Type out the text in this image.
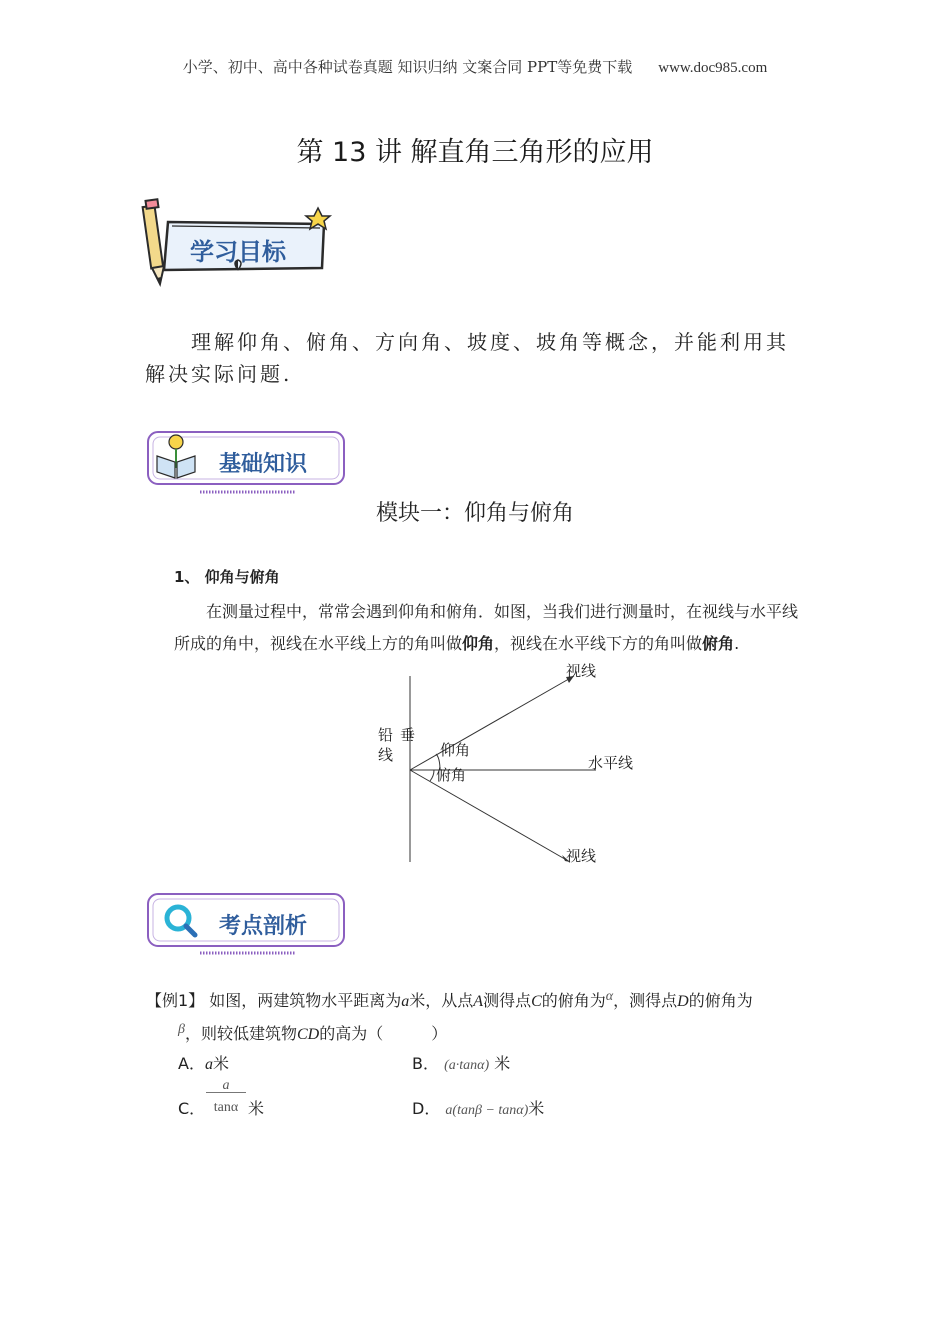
小学、初中、高中各种试卷真题 知识归纳 文案合同 PPT等免费下载 www.doc985.com
第 13 讲 解直角三角形的应用
学习目标
理解仰角、俯角、方向角、坡度、坡角等概念，并能利用其解决实际问题.
基础知识
模块一：仰角与俯角
1、 仰角与俯角
在测量过程中，常常会遇到仰角和俯角．如图，当我们进行测量时，在视线与水平线所成的角中，视线在水平线上方的角叫做仰角，视线在水平线下方的角叫做俯角.
视线
视线
铅 垂
线	仰角
俯角
水平线
考点剖析
【例1】 如图，两建筑物水平距离为a米，从点A测得点C的俯角为α，测得点D的俯角为
β，则较低建筑物CD的高为（　　　）
A．a米	B． (a·tanα) 米
C．
a
tanα 米	D． a(tanβ − tanα)米
